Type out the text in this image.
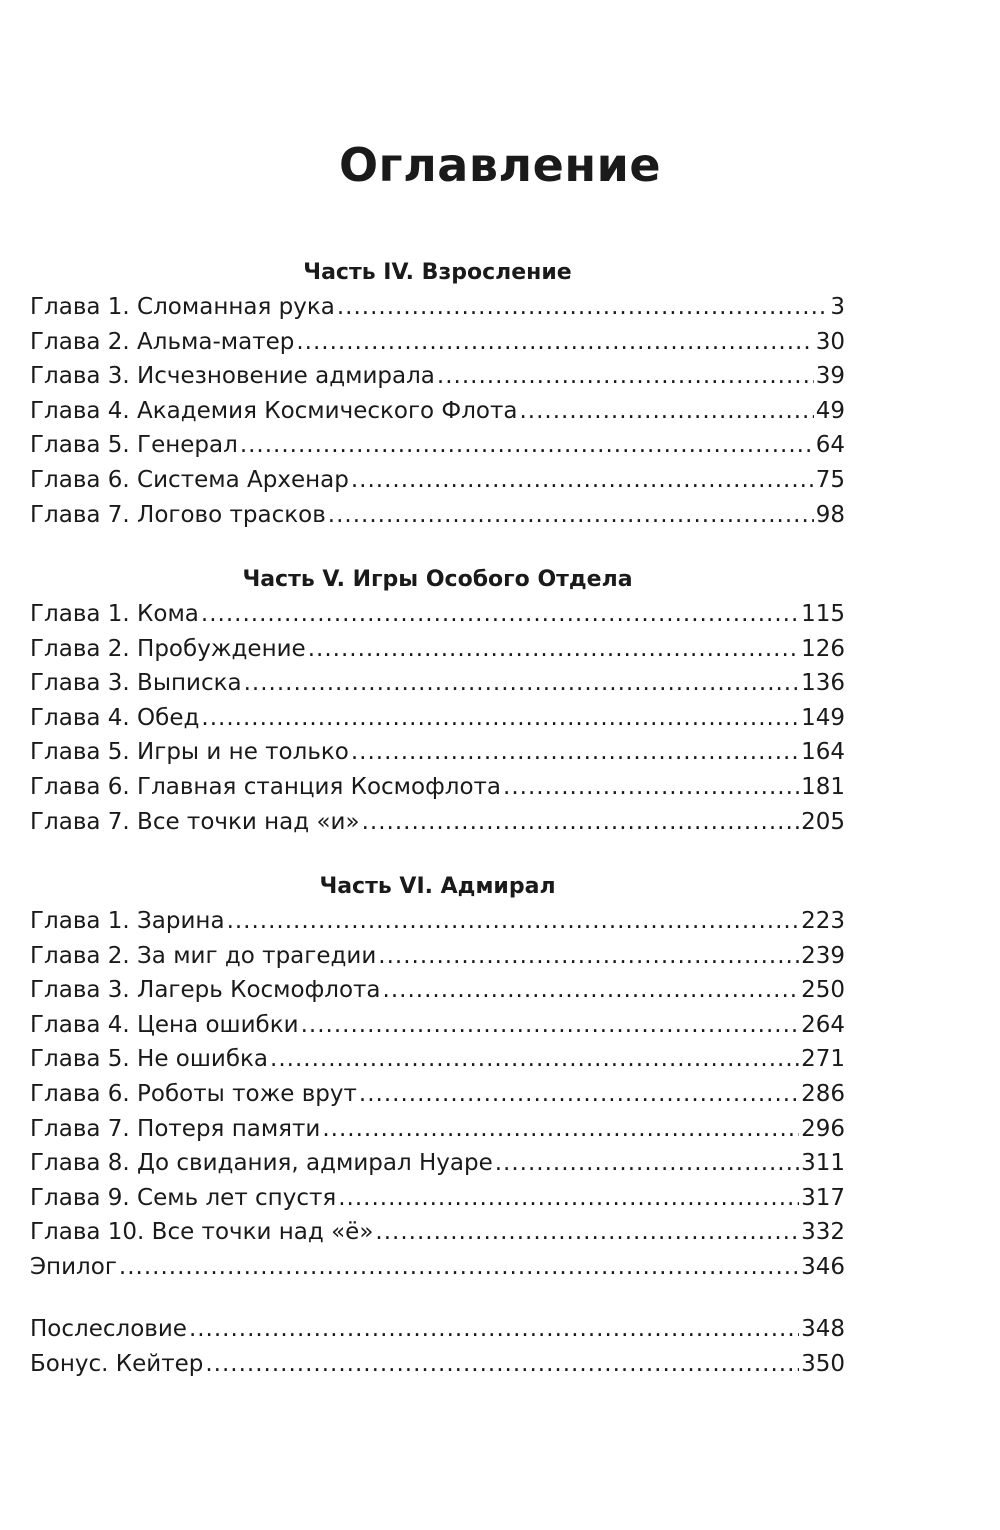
Оглавление
Часть IV. Взросление
Глава 1. Сломанная рука .....	3
Глава 2. Альма-матер .....	30
Глава 3. Исчезновение адмирала .....	39
Глава 4. Академия Космического Флота .....	49
Глава 5. Генерал .....	64
Глава 6. Система Архенар .....	75
Глава 7. Логово трасков .....	98
Часть V. Игры Особого Отдела
Глава 1. Кома .....	115
Глава 2. Пробуждение .....	126
Глава 3. Выписка .....	136
Глава 4. Обед .....	149
Глава 5. Игры и не только .....	164
Глава 6. Главная станция Космофлота .....	181
Глава 7. Все точки над «и» .....	205
Часть VI. Адмирал
Глава 1. Зарина .....	223
Глава 2. За миг до трагедии .....	239
Глава 3. Лагерь Космофлота .....	250
Глава 4. Цена ошибки .....	264
Глава 5. Не ошибка .....	271
Глава 6. Роботы тоже врут .....	286
Глава 7. Потеря памяти .....	296
Глава 8. До свидания, адмирал Нуаре .....	311
Глава 9. Семь лет спустя .....	317
Глава 10. Все точки над «ё» .....	332
Эпилог .....	346
Послесловие .....	348
Бонус. Кейтер .....	350
